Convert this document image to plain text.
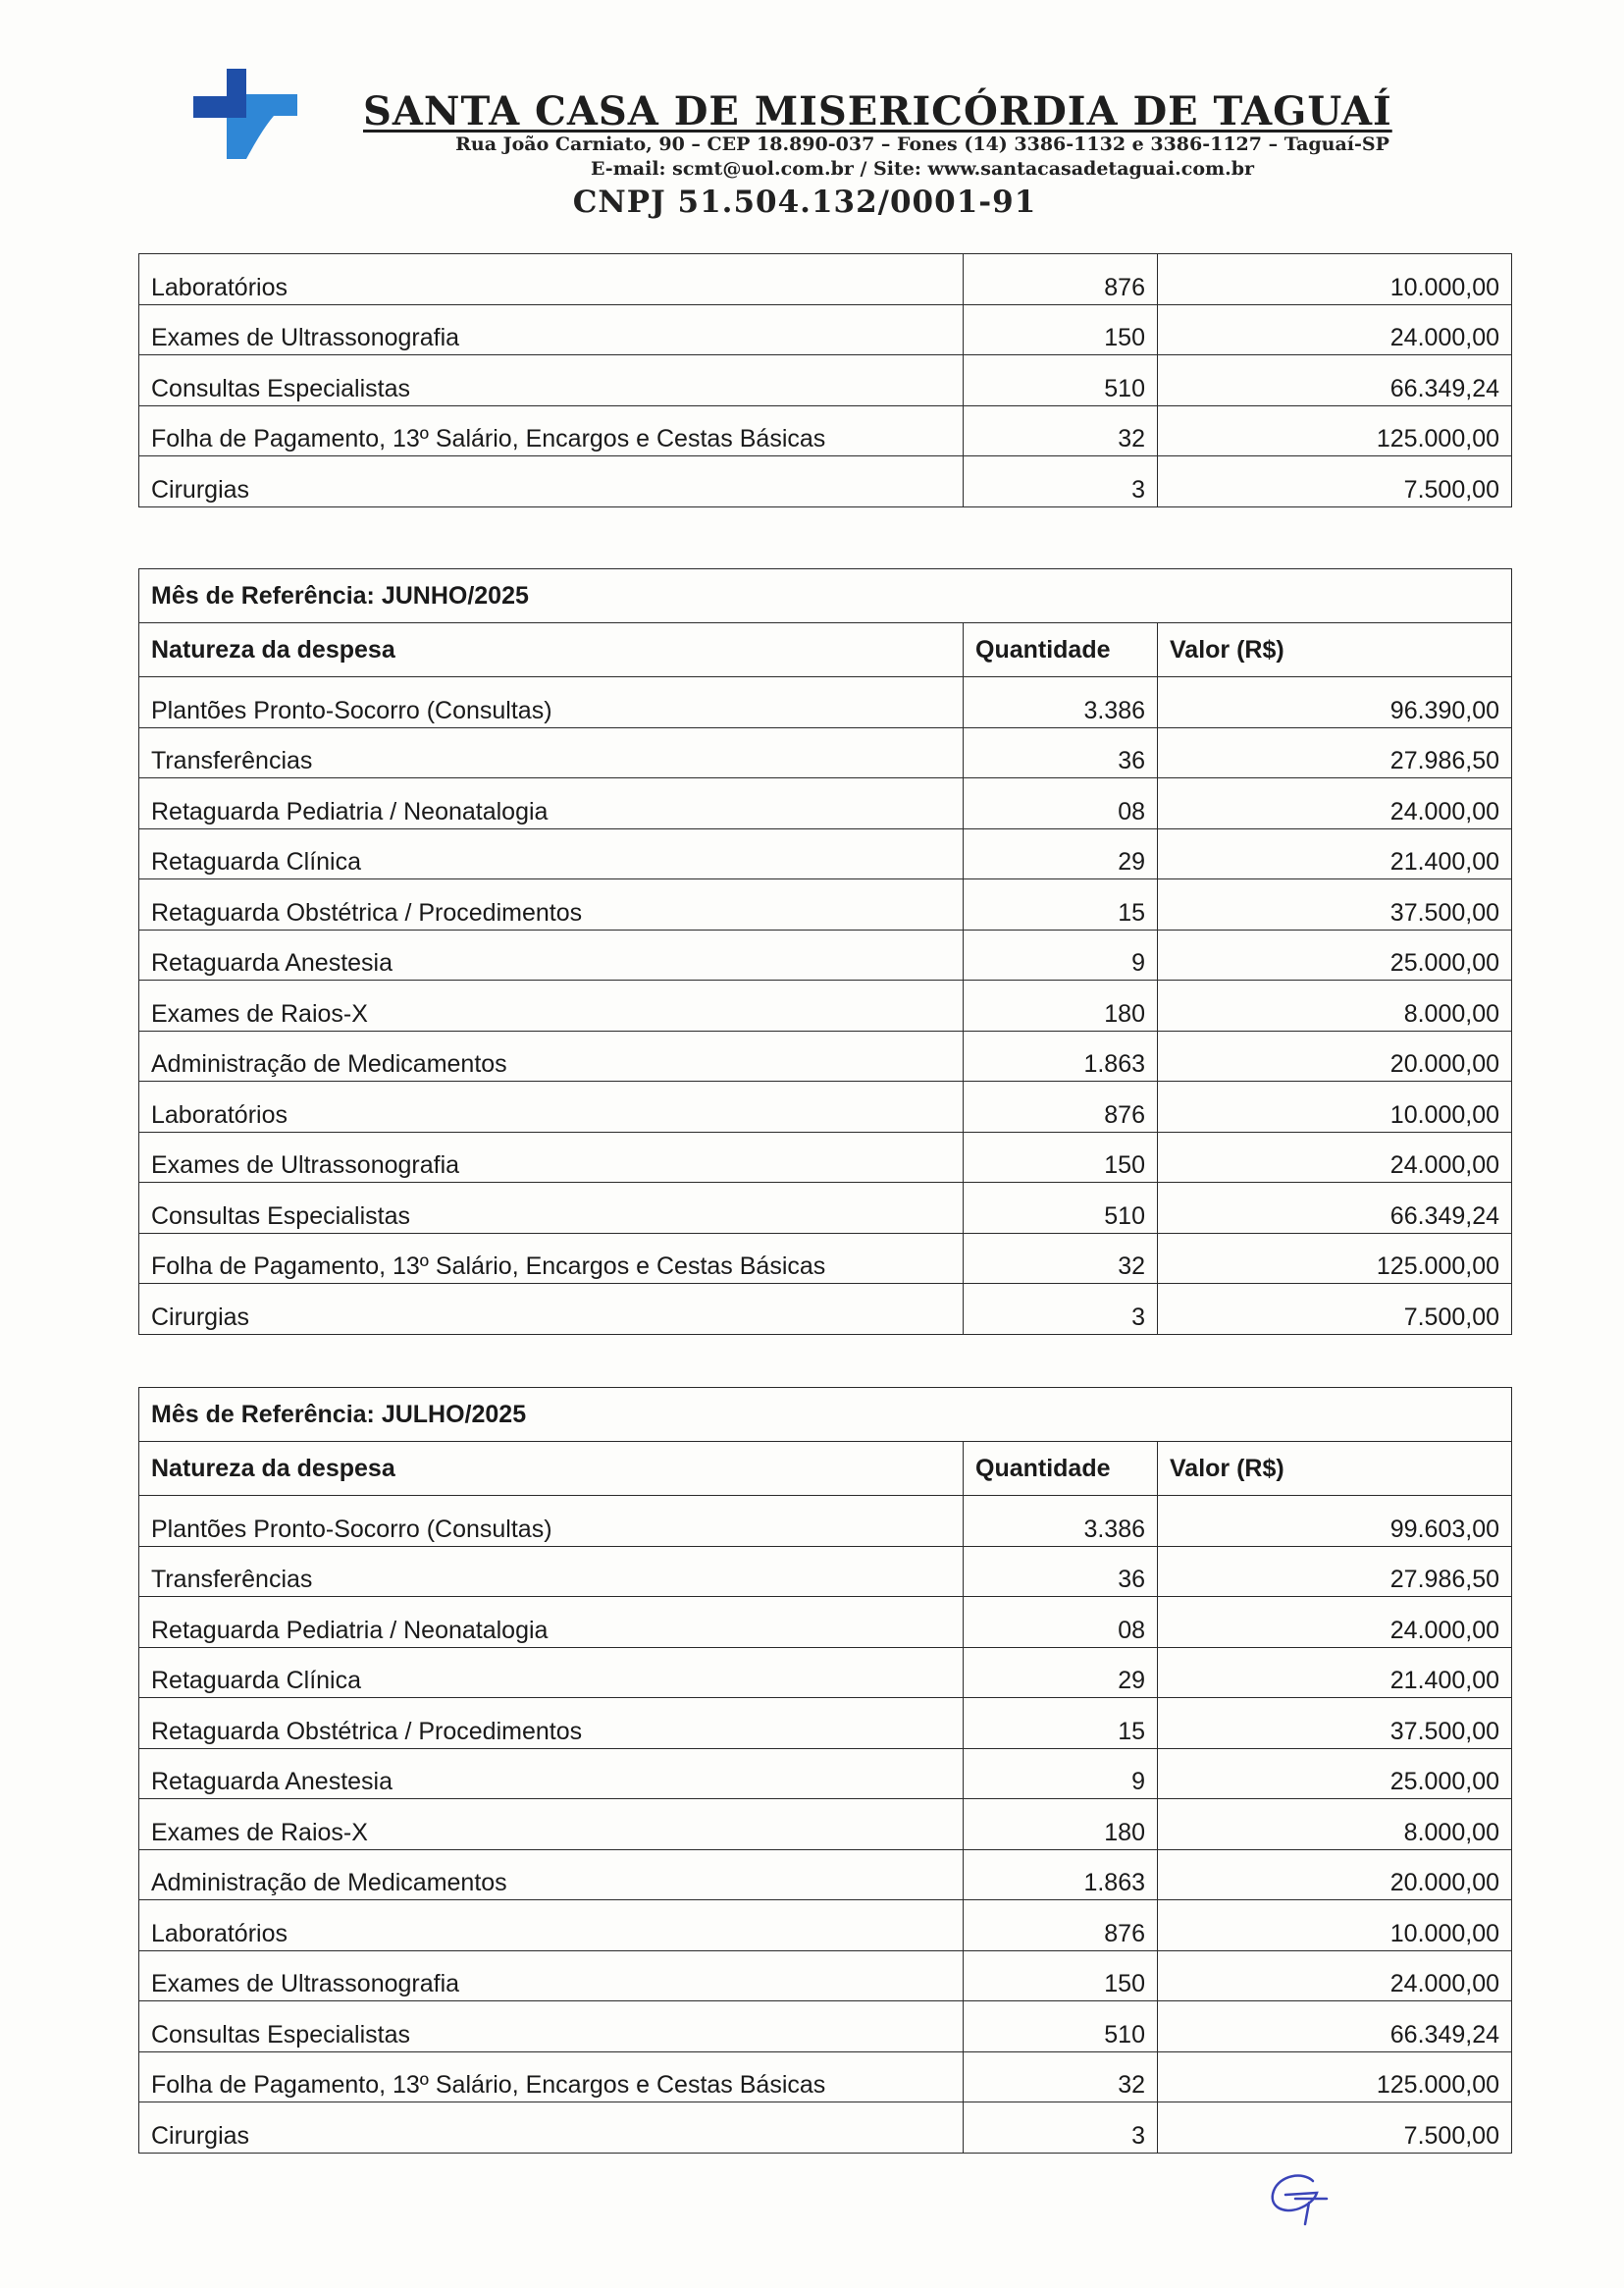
SANTA CASA DE MISERICÓRDIA DE TAGUAÍ
Rua João Carniato, 90 – CEP 18.890-037 – Fones (14) 3386-1132 e 3386-1127 – Taguaí-SP
E-mail: scmt@uol.com.br / Site: www.santacasadetaguai.com.br
CNPJ 51.504.132/0001-91
Laboratórios	876	10.000,00
Exames de Ultrassonografia	150	24.000,00
Consultas Especialistas	510	66.349,24
Folha de Pagamento, 13º Salário, Encargos e Cestas Básicas	32	125.000,00
Cirurgias	3	7.500,00
Mês de Referência: JUNHO/2025		
Natureza da despesa	Quantidade	Valor (R$)
Plantões Pronto-Socorro (Consultas)	3.386	96.390,00
Transferências	36	27.986,50
Retaguarda Pediatria / Neonatalogia	08	24.000,00
Retaguarda Clínica	29	21.400,00
Retaguarda Obstétrica / Procedimentos	15	37.500,00
Retaguarda Anestesia	9	25.000,00
Exames de Raios-X	180	8.000,00
Administração de Medicamentos	1.863	20.000,00
Laboratórios	876	10.000,00
Exames de Ultrassonografia	150	24.000,00
Consultas Especialistas	510	66.349,24
Folha de Pagamento, 13º Salário, Encargos e Cestas Básicas	32	125.000,00
Cirurgias	3	7.500,00
Mês de Referência: JULHO/2025		
Natureza da despesa	Quantidade	Valor (R$)
Plantões Pronto-Socorro (Consultas)	3.386	99.603,00
Transferências	36	27.986,50
Retaguarda Pediatria / Neonatalogia	08	24.000,00
Retaguarda Clínica	29	21.400,00
Retaguarda Obstétrica / Procedimentos	15	37.500,00
Retaguarda Anestesia	9	25.000,00
Exames de Raios-X	180	8.000,00
Administração de Medicamentos	1.863	20.000,00
Laboratórios	876	10.000,00
Exames de Ultrassonografia	150	24.000,00
Consultas Especialistas	510	66.349,24
Folha de Pagamento, 13º Salário, Encargos e Cestas Básicas	32	125.000,00
Cirurgias	3	7.500,00
